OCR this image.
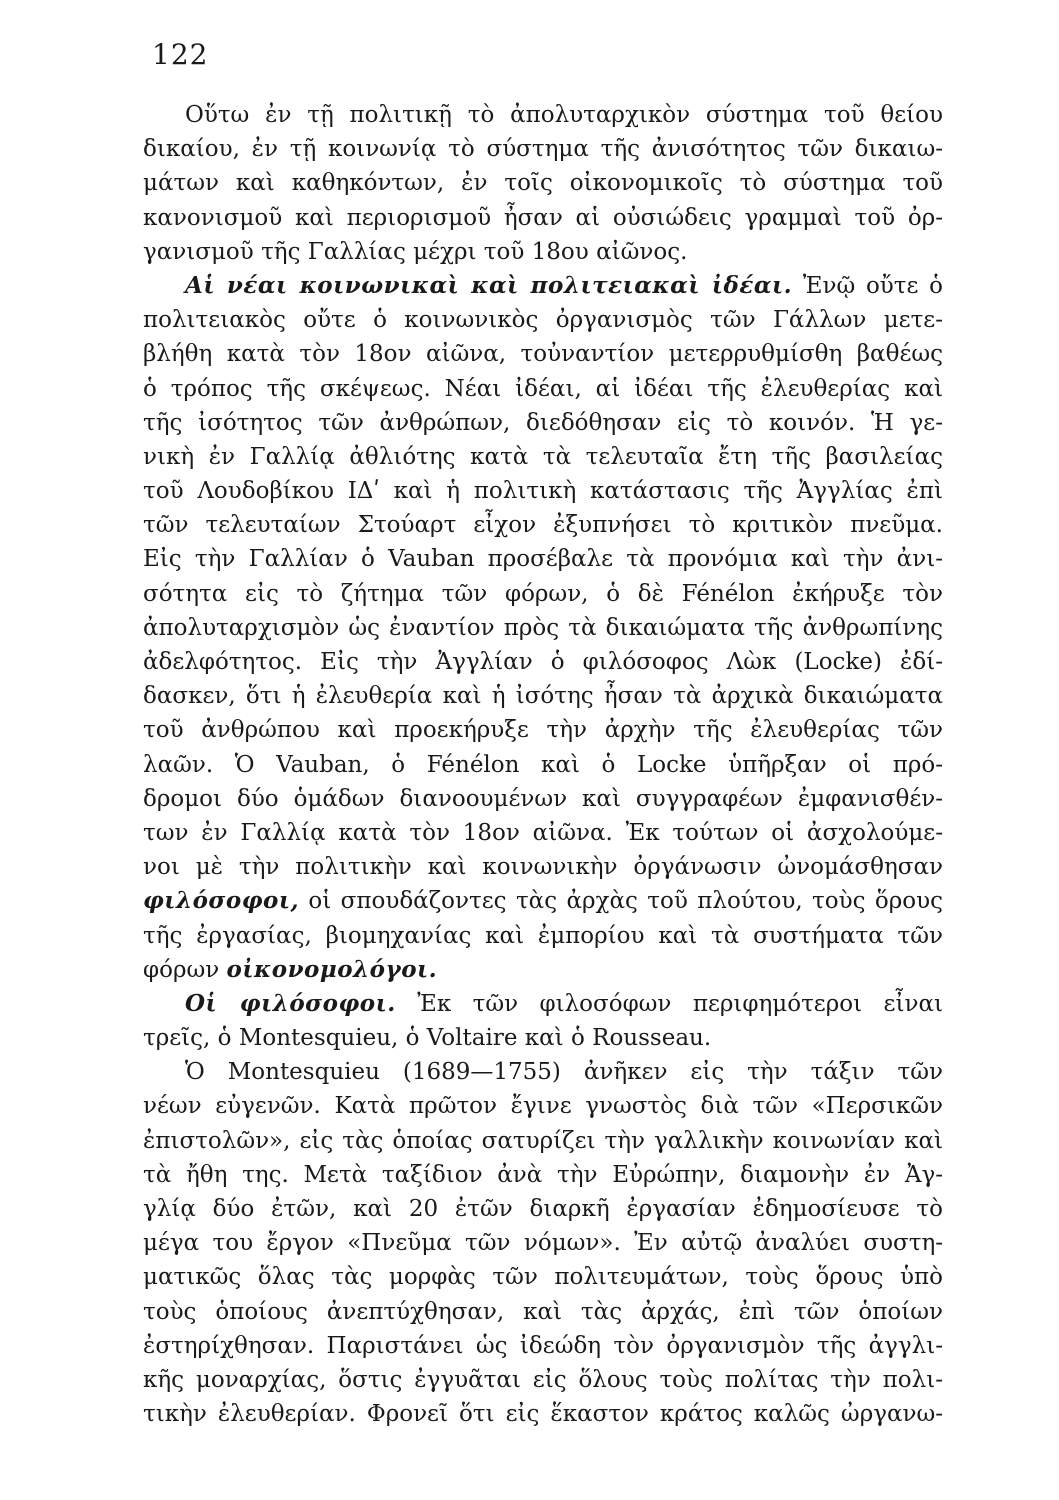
122
Οὕτω ἐν τῇ πολιτικῇ τὸ ἀπολυταρχικὸν σύστημα τοῦ θείου
δικαίου, ἐν τῇ κοινωνίᾳ τὸ σύστημα τῆς ἀνισότητος τῶν δικαιω-
μάτων καὶ καθηκόντων, ἐν τοῖς οἰκονομικοῖς τὸ σύστημα τοῦ
κανονισμοῦ καὶ περιορισμοῦ ἦσαν αἱ οὐσιώδεις γραμμαὶ τοῦ ὀρ-
γανισμοῦ τῆς Γαλλίας μέχρι τοῦ 18ου αἰῶνος.
Αἱ νέαι κοινωνικαὶ καὶ πολιτειακαὶ ἰδέαι. Ἐνῷ οὔτε ὁ
πολιτειακὸς οὔτε ὁ κοινωνικὸς ὀργανισμὸς τῶν Γάλλων μετε-
βλήθη κατὰ τὸν 18ον αἰῶνα, τοὐναντίον μετερρυθμίσθη βαθέως
ὁ τρόπος τῆς σκέψεως. Νέαι ἰδέαι, αἱ ἰδέαι τῆς ἐλευθερίας καὶ
τῆς ἰσότητος τῶν ἀνθρώπων, διεδόθησαν εἰς τὸ κοινόν. Ἡ γε-
νικὴ ἐν Γαλλίᾳ ἀθλιότης κατὰ τὰ τελευταῖα ἔτη τῆς βασιλείας
τοῦ Λουδοβίκου ΙΔʹ καὶ ἡ πολιτικὴ κατάστασις τῆς Ἀγγλίας ἐπὶ
τῶν τελευταίων Στούαρτ εἶχον ἐξυπνήσει τὸ κριτικὸν πνεῦμα.
Εἰς τὴν Γαλλίαν ὁ Vauban προσέβαλε τὰ προνόμια καὶ τὴν ἀνι-
σότητα εἰς τὸ ζήτημα τῶν φόρων, ὁ δὲ Fénélon ἐκήρυξε τὸν
ἀπολυταρχισμὸν ὡς ἐναντίον πρὸς τὰ δικαιώματα τῆς ἀνθρωπίνης
ἀδελφότητος. Εἰς τὴν Ἀγγλίαν ὁ φιλόσοφος Λὼκ (Locke) ἐδί-
δασκεν, ὅτι ἡ ἐλευθερία καὶ ἡ ἰσότης ἦσαν τὰ ἀρχικὰ δικαιώματα
τοῦ ἀνθρώπου καὶ προεκήρυξε τὴν ἀρχὴν τῆς ἐλευθερίας τῶν
λαῶν. Ὁ Vauban, ὁ Fénélon καὶ ὁ Locke ὑπῆρξαν οἱ πρό-
δρομοι δύο ὁμάδων διανοουμένων καὶ συγγραφέων ἐμφανισθέν-
των ἐν Γαλλίᾳ κατὰ τὸν 18ον αἰῶνα. Ἐκ τούτων οἱ ἀσχολούμε-
νοι μὲ τὴν πολιτικὴν καὶ κοινωνικὴν ὀργάνωσιν ὠνομάσθησαν
φιλόσοφοι, οἱ σπουδάζοντες τὰς ἀρχὰς τοῦ πλούτου, τοὺς ὅρους
τῆς ἐργασίας, βιομηχανίας καὶ ἐμπορίου καὶ τὰ συστήματα τῶν
φόρων οἰκονομολόγοι.
Οἱ φιλόσοφοι. Ἐκ τῶν φιλοσόφων περιφημότεροι εἶναι
τρεῖς, ὁ Montesquieu, ὁ Voltaire καὶ ὁ Rousseau.
Ὁ Montesquieu (1689—1755) ἀνῆκεν εἰς τὴν τάξιν τῶν
νέων εὐγενῶν. Κατὰ πρῶτον ἔγινε γνωστὸς διὰ τῶν «Περσικῶν
ἐπιστολῶν», εἰς τὰς ὁποίας σατυρίζει τὴν γαλλικὴν κοινωνίαν καὶ
τὰ ἤθη της. Μετὰ ταξίδιον ἀνὰ τὴν Εὐρώπην, διαμονὴν ἐν Ἀγ-
γλίᾳ δύο ἐτῶν, καὶ 20 ἐτῶν διαρκῆ ἐργασίαν ἐδημοσίευσε τὸ
μέγα του ἔργον «Πνεῦμα τῶν νόμων». Ἐν αὐτῷ ἀναλύει συστη-
ματικῶς ὅλας τὰς μορφὰς τῶν πολιτευμάτων, τοὺς ὅρους ὑπὸ
τοὺς ὁποίους ἀνεπτύχθησαν, καὶ τὰς ἀρχάς, ἐπὶ τῶν ὁποίων
ἐστηρίχθησαν. Παριστάνει ὡς ἰδεώδη τὸν ὀργανισμὸν τῆς ἀγγλι-
κῆς μοναρχίας, ὅστις ἐγγυᾶται εἰς ὅλους τοὺς πολίτας τὴν πολι-
τικὴν ἐλευθερίαν. Φρονεῖ ὅτι εἰς ἕκαστον κράτος καλῶς ὠργανω-
